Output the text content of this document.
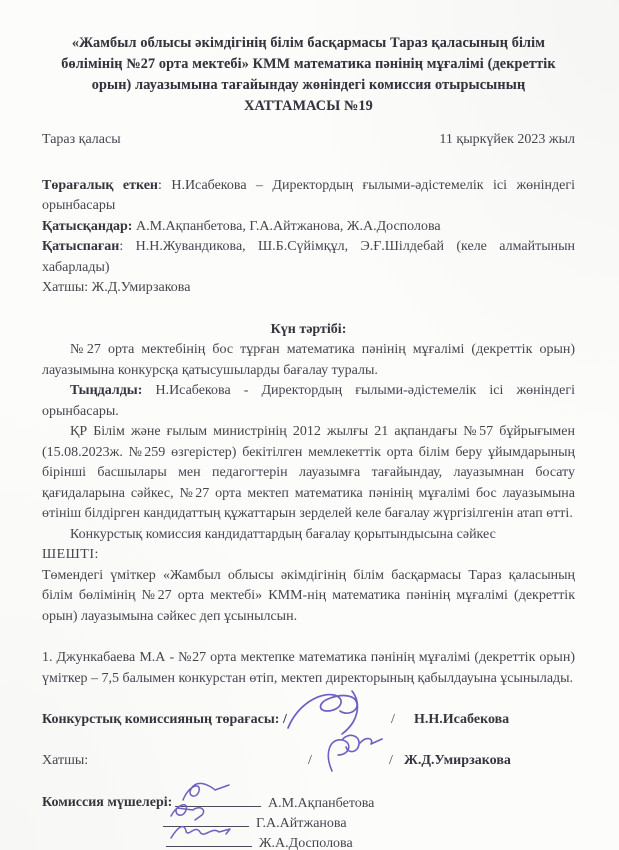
«Жамбыл облысы әкімдігінің білім басқармасы Тараз қаласының білім
бөлімінің №27 орта мектебі» КММ математика пәнінің мұғалімі (декреттік
орын) лауазымына тағайындау жөніндегі комиссия отырысының
ХАТТАМАСЫ №19
Тараз қаласы	11 қыркүйек 2023 жыл
Төрағалық еткен: Н.Исабекова – Директордың ғылыми-әдістемелік ісі жөніндегі орынбасары
Қатысқандар: А.М.Ақпанбетова, Г.А.Айтжанова, Ж.А.Досполова
Қатыспаған: Н.Н.Жувандикова, Ш.Б.Сүйімқұл, Э.Ғ.Шілдебай (келе алмайтынын хабарлады)
Хатшы: Ж.Д.Умирзакова
Күн тәртібі:
№27 орта мектебінің бос тұрған математика пәнінің мұғалімі (декреттік орын) лауазымына конкурсқа қатысушыларды бағалау туралы.
Тыңдалды: Н.Исабекова - Директордың ғылыми-әдістемелік ісі жөніндегі орынбасары.
ҚР Білім және ғылым министрінің 2012 жылғы 21 ақпандағы №57 бұйрығымен (15.08.2023ж. №259 өзгерістер) бекітілген мемлекеттік орта білім беру ұйымдарының бірінші басшылары мен педагогтерін лауазымға тағайындау, лауазымнан босату қағидаларына сәйкес, №27 орта мектеп математика пәнінің мұғалімі бос лауазымына өтініш білдірген кандидаттың құжаттарын зерделей келе бағалау жүргізілгенін атап өтті.
Конкурстық комиссия кандидаттардың бағалау қорытындысына сәйкес
ШЕШТІ:
Төмендегі үміткер «Жамбыл облысы әкімдігінің білім басқармасы Тараз қаласының білім бөлімінің №27 орта мектебі» КММ-нің математика пәнінің мұғалімі (декреттік орын) лауазымына сәйкес деп ұсынылсын.
1. Джункабаева М.А - №27 орта мектепке математика пәнінің мұғалімі (декреттік орын) үміткер – 7,5 балымен конкурстан өтіп, мектеп директорының қабылдауына ұсынылады.
Конкурстық комиссияның төрағасы: /	/ Н.Н.Исабекова
Хатшы:	/	/ Ж.Д.Умирзакова
Комиссия мүшелері:	А.М.Ақпанбетова
Г.А.Айтжанова
Ж.А.Досполова
